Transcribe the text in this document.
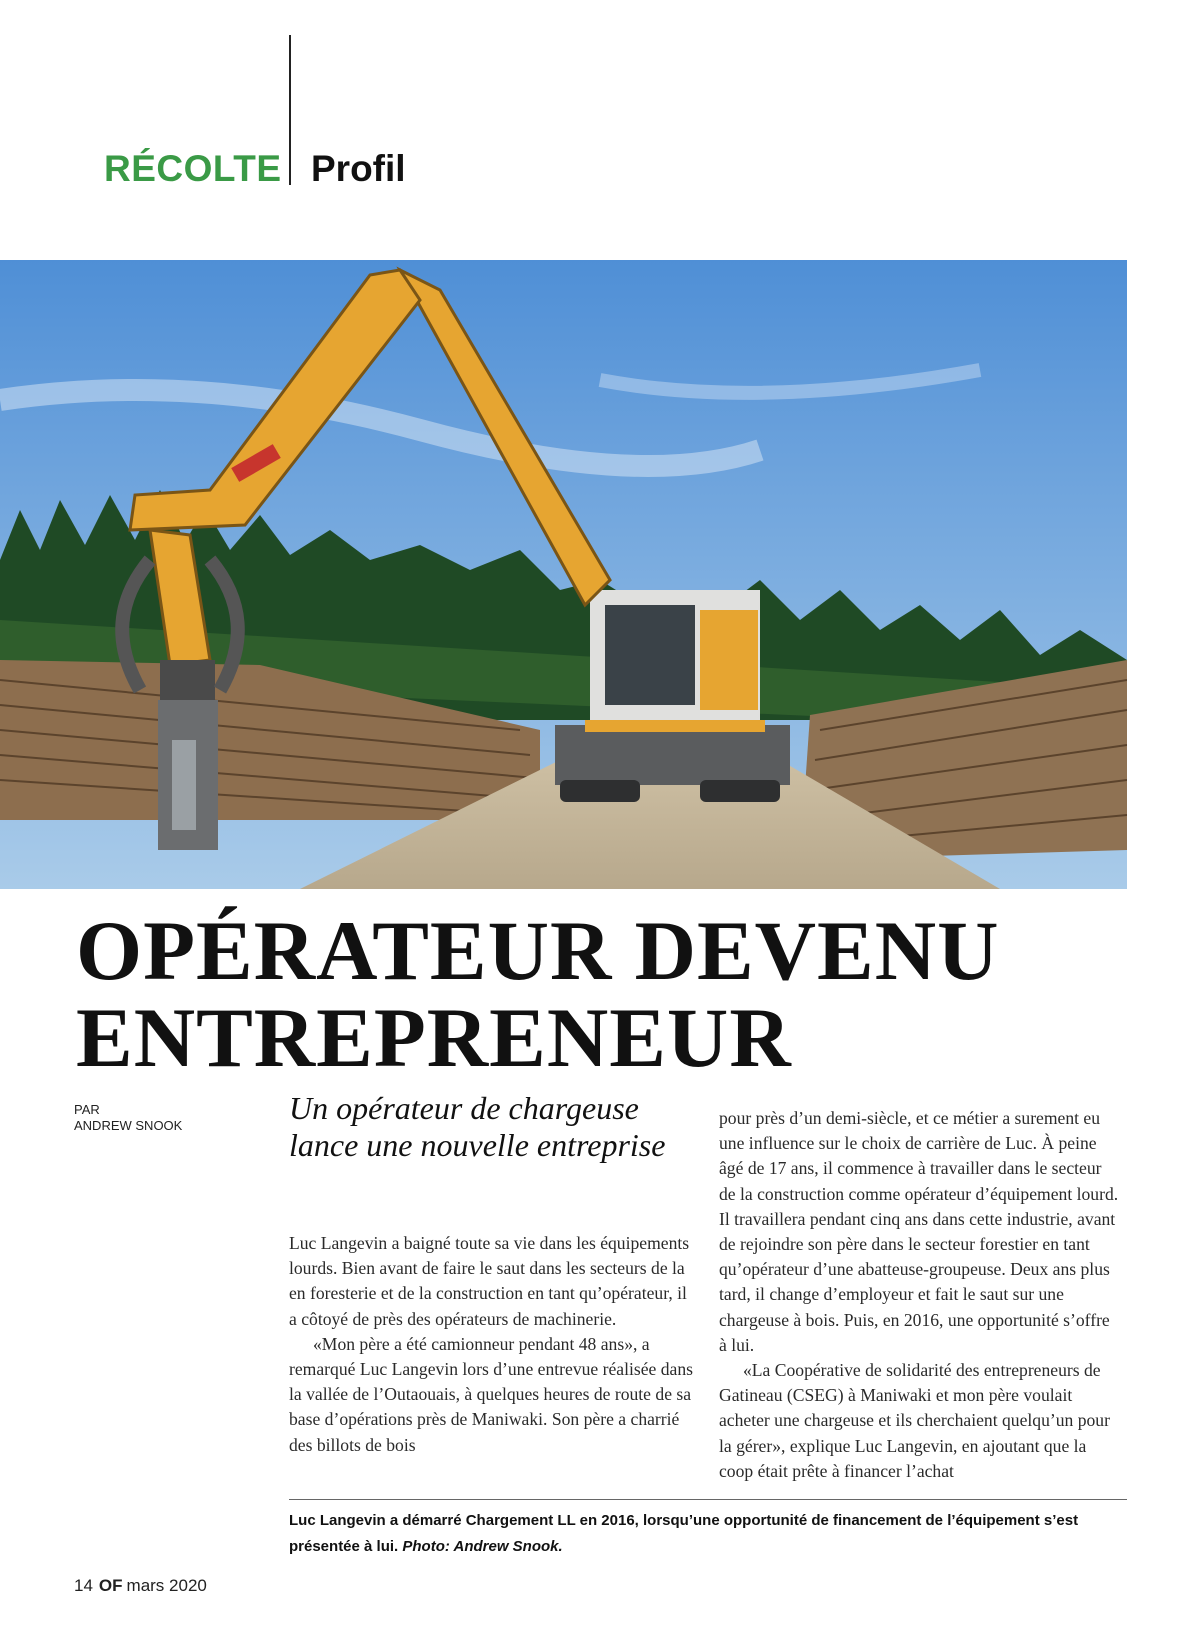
RÉCOLTE Profil
OPÉRATEUR DEVENU
ENTREPRENEUR
PAR
ANDREW SNOOK	Un opérateur de chargeuse lance une nouvelle entreprise

Luc Langevin a baigné toute sa vie dans les équipements lourds. Bien avant de faire le saut dans les secteurs de la en foresterie et de la construction en tant qu’opérateur, il a côtoyé de près des opérateurs de machinerie.

«Mon père a été camionneur pendant 48 ans», a remarqué Luc Langevin lors d’une entrevue réalisée dans la vallée de l’Outaouais, à quelques heures de route de sa base d’opérations près de Maniwaki. Son père a charrié des billots de bois

pour près d’un demi-siècle, et ce métier a surement eu une influence sur le choix de carrière de Luc. À peine âgé de 17 ans, il commence à travailler dans le secteur de la construction comme opérateur d’équipement lourd. Il travaillera pendant cinq ans dans cette industrie, avant de rejoindre son père dans le secteur forestier en tant qu’opérateur d’une abatteuse-groupeuse. Deux ans plus tard, il change d’employeur et fait le saut sur une chargeuse à bois. Puis, en 2016, une opportunité s’offre à lui.

«La Coopérative de solidarité des entrepreneurs de Gatineau (CSEG) à Maniwaki et mon père voulait acheter une chargeuse et ils cherchaient quelqu’un pour la gérer», explique Luc Langevin, en ajoutant que la coop était prête à financer l’achat

Luc Langevin a démarré Chargement LL en 2016, lorsqu’une opportunité de financement de l’équipement s’est présentée à lui. Photo: Andrew Snook.
14 OF mars 2020
